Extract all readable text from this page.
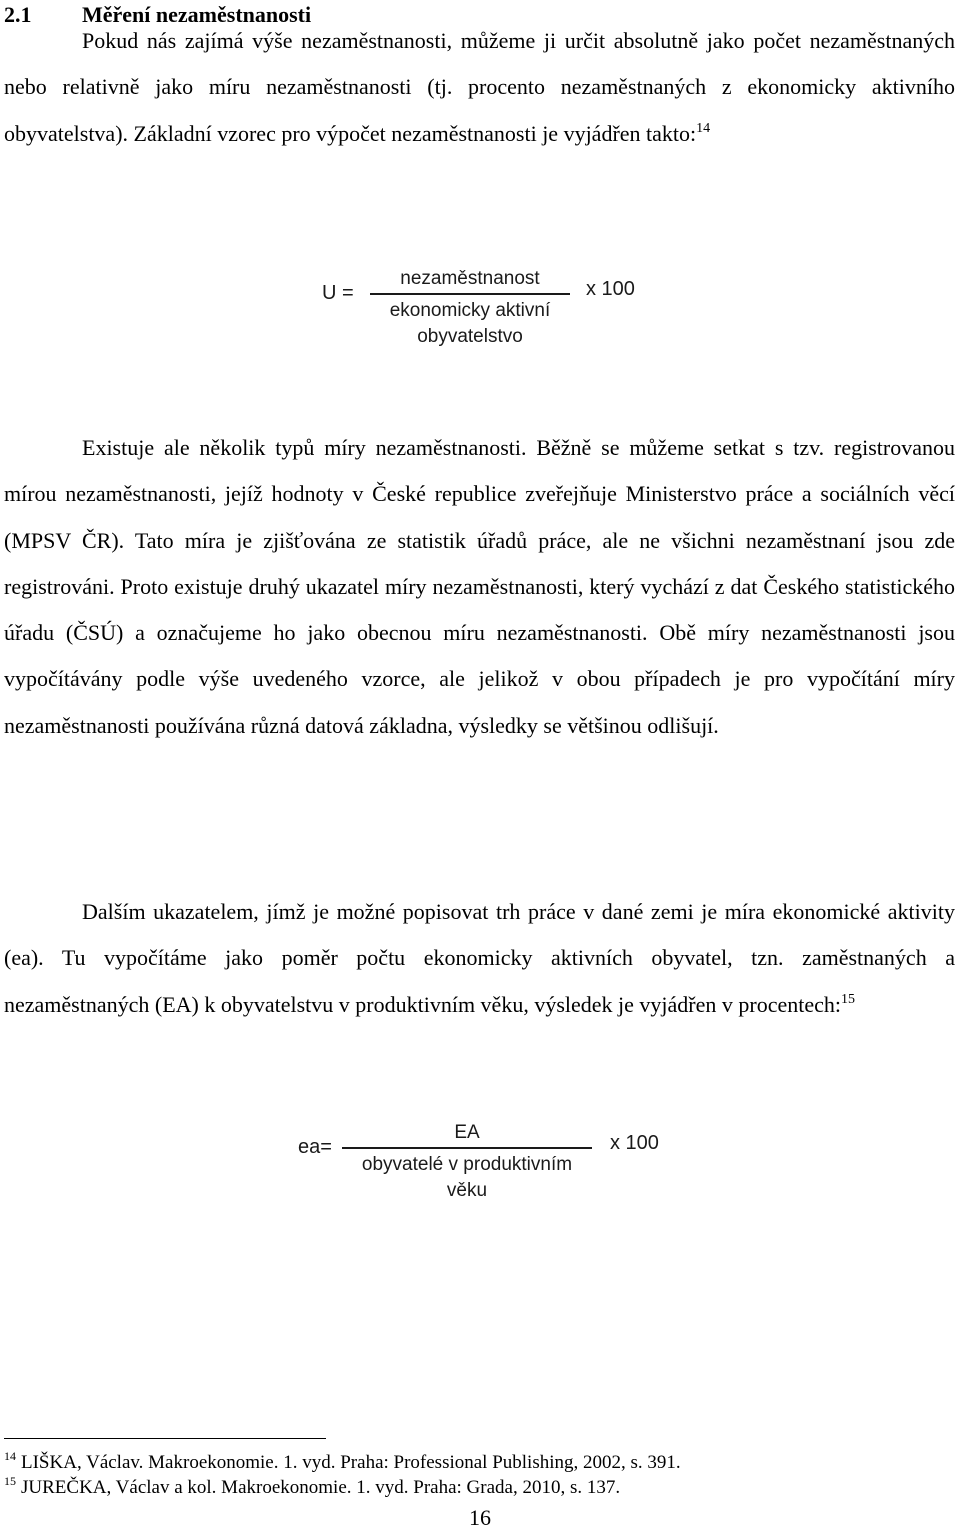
2.1 Měření nezaměstnanosti

Pokud nás zajímá výše nezaměstnanosti, můžeme ji určit absolutně jako počet nezaměstnaných nebo relativně jako míru nezaměstnanosti (tj. procento nezaměstnaných z ekonomicky aktivního obyvatelstva). Základní vzorec pro výpočet nezaměstnanosti je vyjádřen takto:$^{14}$

U =
nezaměstnanost
ekonomicky aktivní obyvatelstvo
x 100

Existuje ale několik typů míry nezaměstnanosti. Běžně se můžeme setkat s tzv. registrovanou mírou nezaměstnanosti, jejíž hodnoty v České republice zveřejňuje Ministerstvo práce a sociálních věcí (MPSV ČR). Tato míra je zjišťována ze statistik úřadů práce, ale ne všichni nezaměstnaní jsou zde registrováni. Proto existuje druhý ukazatel míry nezaměstnanosti, který vychází z dat Českého statistického úřadu (ČSÚ) a označujeme ho jako obecnou míru nezaměstnanosti. Obě míry nezaměstnanosti jsou vypočítávány podle výše uvedeného vzorce, ale jelikož v obou případech je pro vypočítání míry nezaměstnanosti používána různá datová základna, výsledky se většinou odlišují.

Dalším ukazatelem, jímž je možné popisovat trh práce v dané zemi je míra ekonomické aktivity (ea). Tu vypočítáme jako poměr počtu ekonomicky aktivních obyvatel, tzn. zaměstnaných a nezaměstnaných (EA) k obyvatelstvu v produktivním věku, výsledek je vyjádřen v procentech:$^{15}$

ea=
EA
obyvatelé v produktivním věku
x 100
$^{14}$ LIŠKA, Václav. Makroekonomie. 1. vyd. Praha: Professional Publishing, 2002, s. 391.
$^{15}$ JUREČKA, Václav a kol. Makroekonomie. 1. vyd. Praha: Grada, 2010, s. 137.
16
